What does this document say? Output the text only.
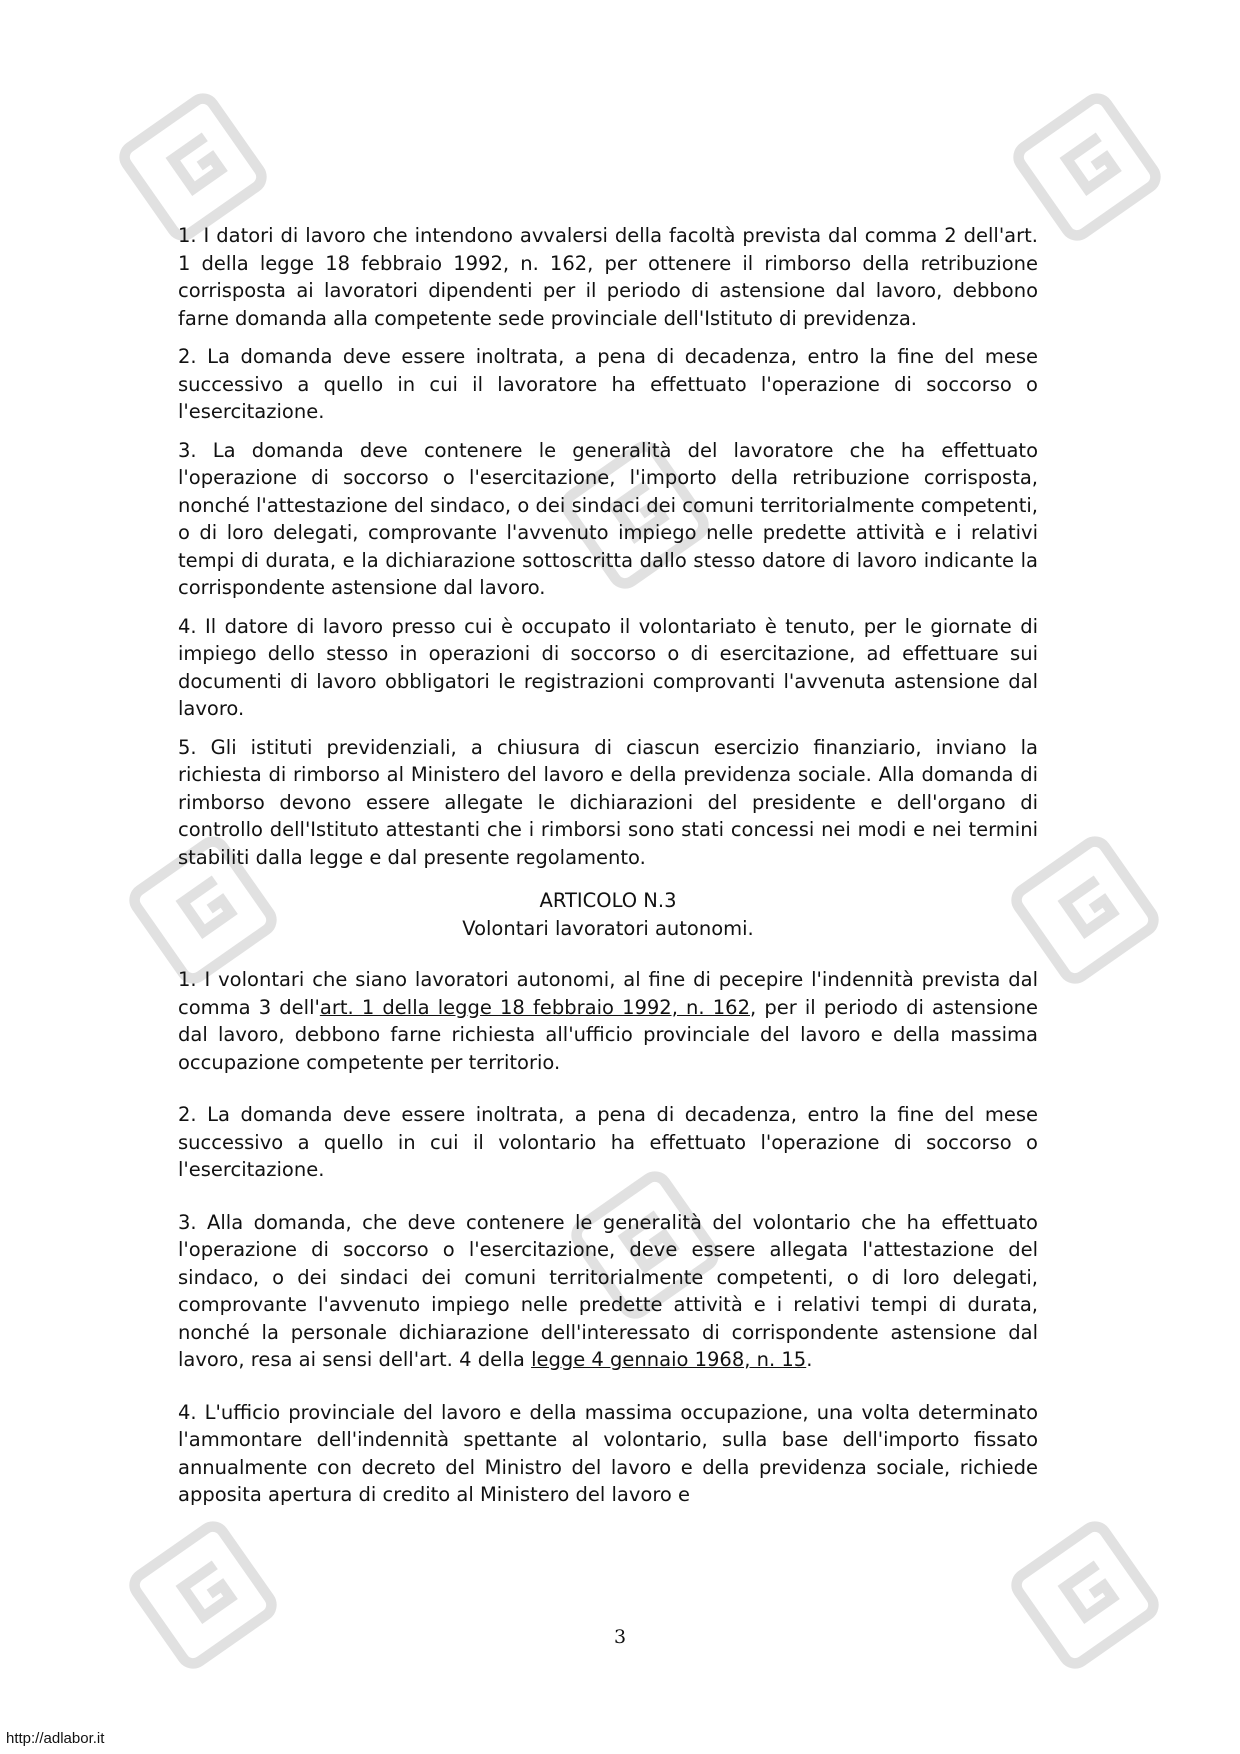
1. I datori di lavoro che intendono avvalersi della facoltà prevista dal comma 2 dell'art. 1 della legge 18 febbraio 1992, n. 162, per ottenere il rimborso della retribuzione corrisposta ai lavoratori dipendenti per il periodo di astensione dal lavoro, debbono farne domanda alla competente sede provinciale dell'Istituto di previdenza.

2. La domanda deve essere inoltrata, a pena di decadenza, entro la fine del mese successivo a quello in cui il lavoratore ha effettuato l'operazione di soccorso o l'esercitazione.

3. La domanda deve contenere le generalità del lavoratore che ha effettuato l'operazione di soccorso o l'esercitazione, l'importo della retribuzione corrisposta, nonché l'attestazione del sindaco, o dei sindaci dei comuni territorialmente competenti, o di loro delegati, comprovante l'avvenuto impiego nelle predette attività e i relativi tempi di durata, e la dichiarazione sottoscritta dallo stesso datore di lavoro indicante la corrispondente astensione dal lavoro.

4. Il datore di lavoro presso cui è occupato il volontariato è tenuto, per le giornate di impiego dello stesso in operazioni di soccorso o di esercitazione, ad effettuare sui documenti di lavoro obbligatori le registrazioni comprovanti l'avvenuta astensione dal lavoro.

5. Gli istituti previdenziali, a chiusura di ciascun esercizio finanziario, inviano la richiesta di rimborso al Ministero del lavoro e della previdenza sociale. Alla domanda di rimborso devono essere allegate le dichiarazioni del presidente e dell'organo di controllo dell'Istituto attestanti che i rimborsi sono stati concessi nei modi e nei termini stabiliti dalla legge e dal presente regolamento.

ARTICOLO N.3
Volontari lavoratori autonomi.

1. I volontari che siano lavoratori autonomi, al fine di pecepire l'indennità prevista dal comma 3 dell'art. 1 della legge 18 febbraio 1992, n. 162, per il periodo di astensione dal lavoro, debbono farne richiesta all'ufficio provinciale del lavoro e della massima occupazione competente per territorio.

2. La domanda deve essere inoltrata, a pena di decadenza, entro la fine del mese successivo a quello in cui il volontario ha effettuato l'operazione di soccorso o l'esercitazione.

3. Alla domanda, che deve contenere le generalità del volontario che ha effettuato l'operazione di soccorso o l'esercitazione, deve essere allegata l'attestazione del sindaco, o dei sindaci dei comuni territorialmente competenti, o di loro delegati, comprovante l'avvenuto impiego nelle predette attività e i relativi tempi di durata, nonché la personale dichiarazione dell'interessato di corrispondente astensione dal lavoro, resa ai sensi dell'art. 4 della legge 4 gennaio 1968, n. 15.

4. L'ufficio provinciale del lavoro e della massima occupazione, una volta determinato l'ammontare dell'indennità spettante al volontario, sulla base dell'importo fissato annualmente con decreto del Ministro del lavoro e della previdenza sociale, richiede apposita apertura di credito al Ministero del lavoro e

3
http://adlabor.it
